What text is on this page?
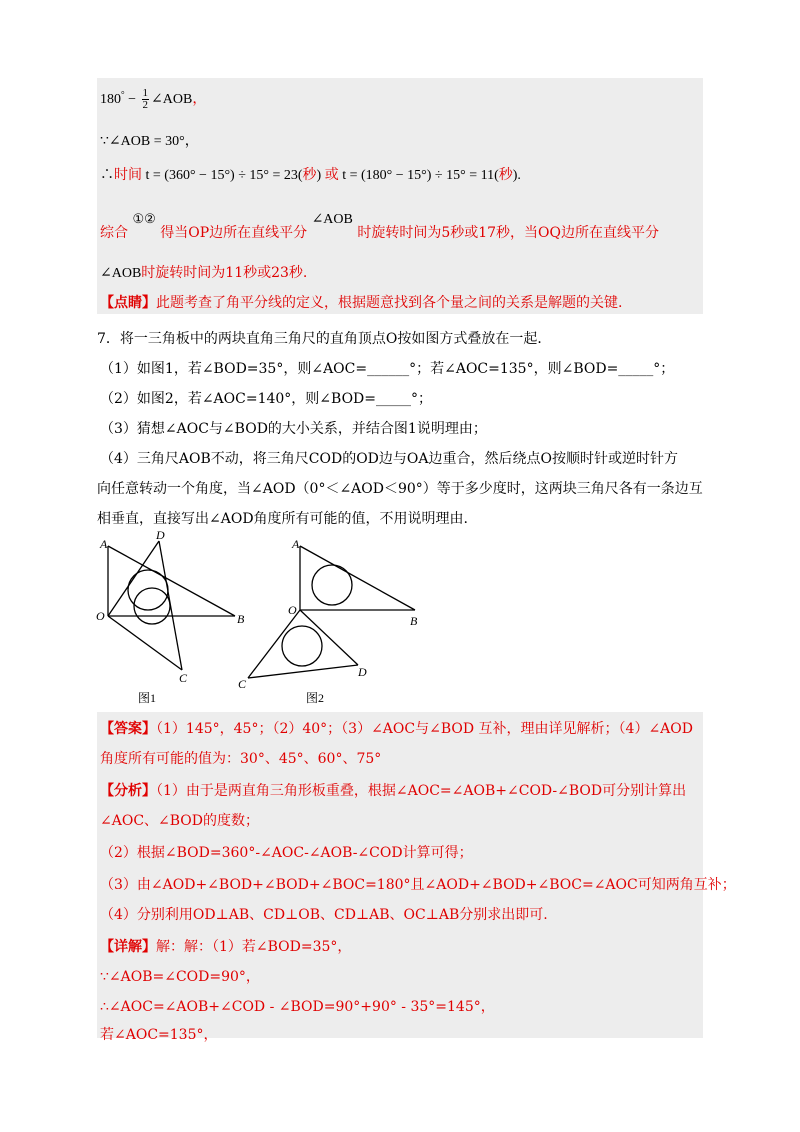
$180^\circ - \frac{1}{2}$ ∠AOB，
∵∠AOB = 30°，
∴时间 t = (360° − 15°) ÷ 15° = 23(秒) 或 t = (180° − 15°) ÷ 15° = 11(秒).
综合 ①② 得当OP边所在直线平分 ∠AOB 时旋转时间为5秒或17秒，当OQ边所在直线平分
∠AOB时旋转时间为11秒或23秒.
【点睛】此题考查了角平分线的定义，根据题意找到各个量之间的关系是解题的关键.
7．将一三角板中的两块直角三角尺的直角顶点O按如图方式叠放在一起．
（1）如图1，若∠BOD=35°，则∠AOC=______°；若∠AOC=135°，则∠BOD=_____°；
（2）如图2，若∠AOC=140°，则∠BOD=_____°；
（3）猜想∠AOC与∠BOD的大小关系，并结合图1说明理由；
（4）三角尺AOB不动，将三角尺COD的OD边与OA边重合，然后绕点O按顺时针或逆时针方
向任意转动一个角度，当∠AOD（0°＜∠AOD＜90°）等于多少度时，这两块三角尺各有一条边互
相垂直，直接写出∠AOD角度所有可能的值，不用说明理由.
A
D
O	B
C
A
O
B
C
D
图1	图2
【答案】（1）145°，45°；（2）40°；（3）∠AOC与∠BOD 互补，理由详见解析；（4）∠AOD
角度所有可能的值为：30°、45°、60°、75°
【分析】（1）由于是两直角三角形板重叠，根据∠AOC=∠AOB+∠COD-∠BOD可分别计算出
∠AOC、∠BOD的度数；
（2）根据∠BOD=360°-∠AOC-∠AOB-∠COD计算可得；
（3）由∠AOD+∠BOD+∠BOD+∠BOC=180°且∠AOD+∠BOD+∠BOC=∠AOC可知两角互补；
（4）分别利用OD⊥AB、CD⊥OB、CD⊥AB、OC⊥AB分别求出即可.
【详解】解：解：（1）若∠BOD=35°，
∵∠AOB=∠COD=90°，
∴∠AOC=∠AOB+∠COD - ∠BOD=90°+90° - 35°=145°，
若∠AOC=135°，
